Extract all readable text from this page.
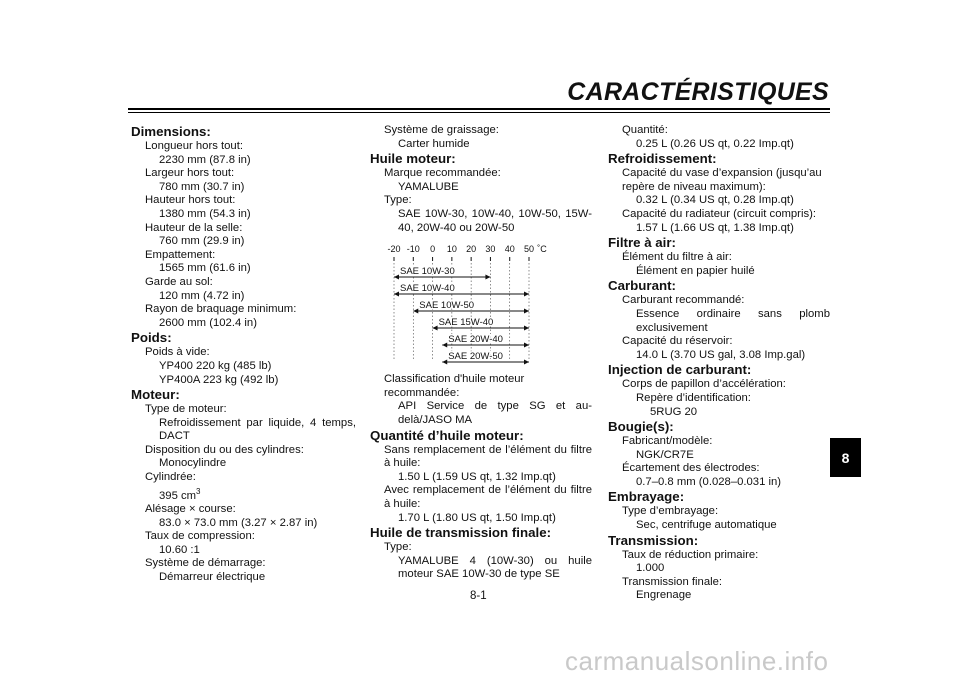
CARACTÉRISTIQUES
Dimensions:
Longueur hors tout:
2230 mm (87.8 in)
Largeur hors tout:
780 mm (30.7 in)
Hauteur hors tout:
1380 mm (54.3 in)
Hauteur de la selle:
760 mm (29.9 in)
Empattement:
1565 mm (61.6 in)
Garde au sol:
120 mm (4.72 in)
Rayon de braquage minimum:
2600 mm (102.4 in)
Poids:
Poids à vide:
YP400 220 kg (485 lb)
YP400A 223 kg (492 lb)
Moteur:
Type de moteur:
Refroidissement par liquide, 4 temps, DACT
Disposition du ou des cylindres:
Monocylindre
Cylindrée:
395 $cm^3$
Alésage × course:
83.0 × 73.0 mm (3.27 × 2.87 in)
Taux de compression:
10.60 :1
Système de démarrage:
Démarreur électrique
Système de graissage:
Carter humide
Huile moteur:
Marque recommandée:
YAMALUBE
Type:
SAE 10W-30, 10W-40, 10W-50, 15W-40, 20W-40 ou 20W-50
-20 -10 0 10 20 30 40 50 ˚C
SAE 10W-30
SAE 10W-40
SAE 10W-50
SAE 15W-40
SAE 20W-40
SAE 20W-50
Classification d'huile moteur recommandée:
API Service de type SG et au-delà/JASO MA
Quantité d’huile moteur:
Sans remplacement de l’élément du filtre à huile:
1.50 L (1.59 US qt, 1.32 Imp.qt)
Avec remplacement de l’élément du filtre à huile:
1.70 L (1.80 US qt, 1.50 Imp.qt)
Huile de transmission finale:
Type:
YAMALUBE 4 (10W-30) ou huile moteur SAE 10W-30 de type SE
Quantité:
0.25 L (0.26 US qt, 0.22 Imp.qt)
Refroidissement:
Capacité du vase d’expansion (jusqu’au repère de niveau maximum):
0.32 L (0.34 US qt, 0.28 Imp.qt)
Capacité du radiateur (circuit compris):
1.57 L (1.66 US qt, 1.38 Imp.qt)
Filtre à air:
Élément du filtre à air:
Élément en papier huilé
Carburant:
Carburant recommandé:
Essence ordinaire sans plomb exclusivement
Capacité du réservoir:
14.0 L (3.70 US gal, 3.08 Imp.gal)
Injection de carburant:
Corps de papillon d’accélération:
Repère d’identification:
5RUG 20
Bougie(s):
Fabricant/modèle:
NGK/CR7E
Écartement des électrodes:
0.7–0.8 mm (0.028–0.031 in)
Embrayage:
Type d’embrayage:
Sec, centrifuge automatique
Transmission:
Taux de réduction primaire:
1.000
Transmission finale:
Engrenage
8
8-1
carmanualsonline.info
